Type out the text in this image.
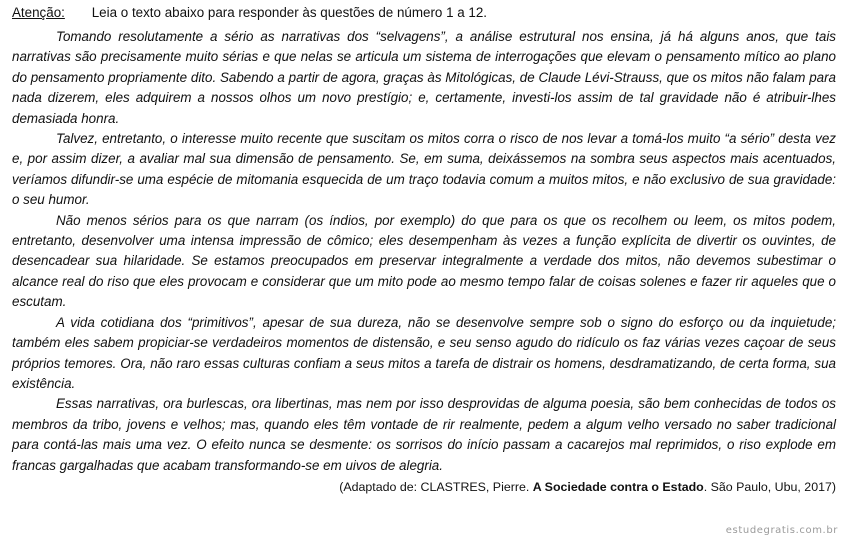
Atenção: Leia o texto abaixo para responder às questões de número 1 a 12.

Tomando resolutamente a sério as narrativas dos “selvagens”, a análise estrutural nos ensina, já há alguns anos, que tais narrativas são precisamente muito sérias e que nelas se articula um sistema de interrogações que elevam o pensamento mítico ao plano do pensamento propriamente dito. Sabendo a partir de agora, graças às Mitológicas, de Claude Lévi-Strauss, que os mitos não falam para nada dizerem, eles adquirem a nossos olhos um novo prestígio; e, certamente, investi-los assim de tal gravidade não é atribuir-lhes demasiada honra.

Talvez, entretanto, o interesse muito recente que suscitam os mitos corra o risco de nos levar a tomá-los muito “a sério” desta vez e, por assim dizer, a avaliar mal sua dimensão de pensamento. Se, em suma, deixássemos na sombra seus aspectos mais acentuados, veríamos difundir-se uma espécie de mitomania esquecida de um traço todavia comum a muitos mitos, e não exclusivo de sua gravidade: o seu humor.

Não menos sérios para os que narram (os índios, por exemplo) do que para os que os recolhem ou leem, os mitos podem, entretanto, desenvolver uma intensa impressão de cômico; eles desempenham às vezes a função explícita de divertir os ouvintes, de desencadear sua hilaridade. Se estamos preocupados em preservar integralmente a verdade dos mitos, não devemos subestimar o alcance real do riso que eles provocam e considerar que um mito pode ao mesmo tempo falar de coisas solenes e fazer rir aqueles que o escutam.

A vida cotidiana dos “primitivos”, apesar de sua dureza, não se desenvolve sempre sob o signo do esforço ou da inquietude; também eles sabem propiciar-se verdadeiros momentos de distensão, e seu senso agudo do ridículo os faz várias vezes caçoar de seus próprios temores. Ora, não raro essas culturas confiam a seus mitos a tarefa de distrair os homens, desdramatizando, de certa forma, sua existência.

Essas narrativas, ora burlescas, ora libertinas, mas nem por isso desprovidas de alguma poesia, são bem conhecidas de todos os membros da tribo, jovens e velhos; mas, quando eles têm vontade de rir realmente, pedem a algum velho versado no saber tradicional para contá-las mais uma vez. O efeito nunca se desmente: os sorrisos do início passam a cacarejos mal reprimidos, o riso explode em francas gargalhadas que acabam transformando-se em uivos de alegria.

(Adaptado de: CLASTRES, Pierre. A Sociedade contra o Estado. São Paulo, Ubu, 2017)
estudegratis.com.br
